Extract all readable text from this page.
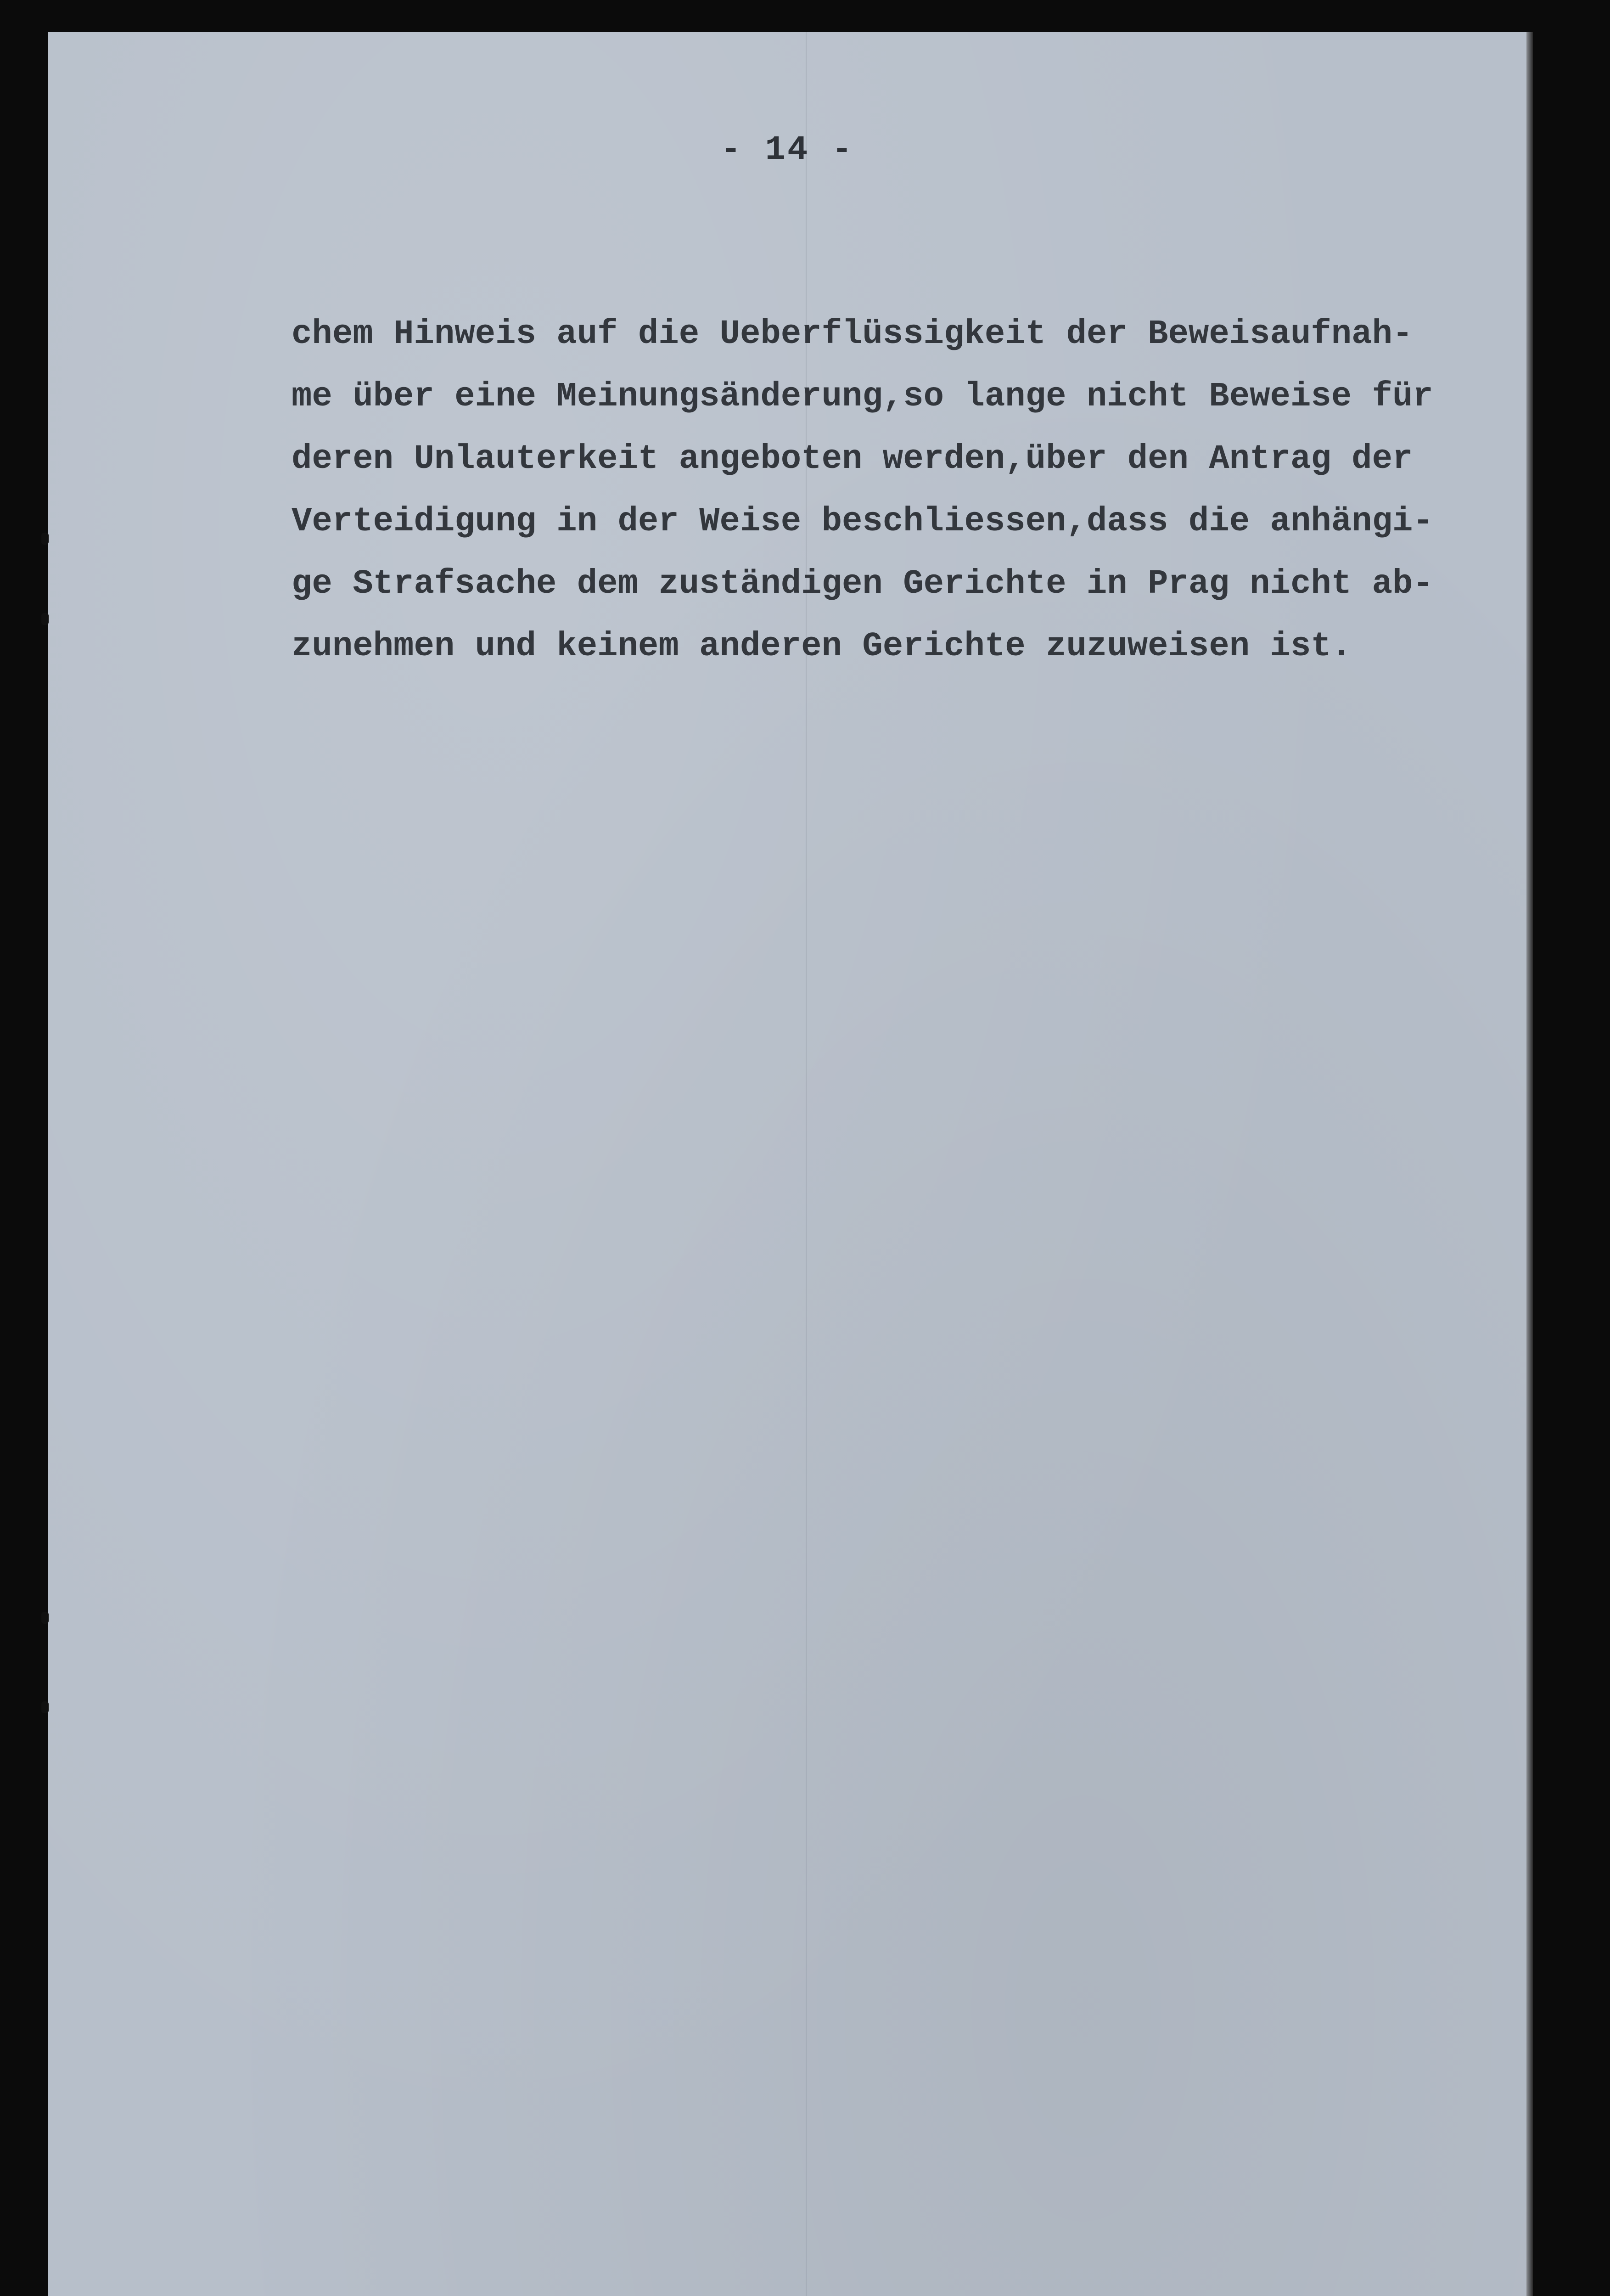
- 14 -
chem Hinweis auf die Ueberflüssigkeit der Beweisaufnah-
me über eine Meinungsänderung,so lange nicht Beweise für
deren Unlauterkeit angeboten werden,über den Antrag der
Verteidigung in der Weise beschliessen,dass die anhängi-
ge Strafsache dem zuständigen Gerichte in Prag nicht ab-
zunehmen und keinem anderen Gerichte zuzuweisen ist.
